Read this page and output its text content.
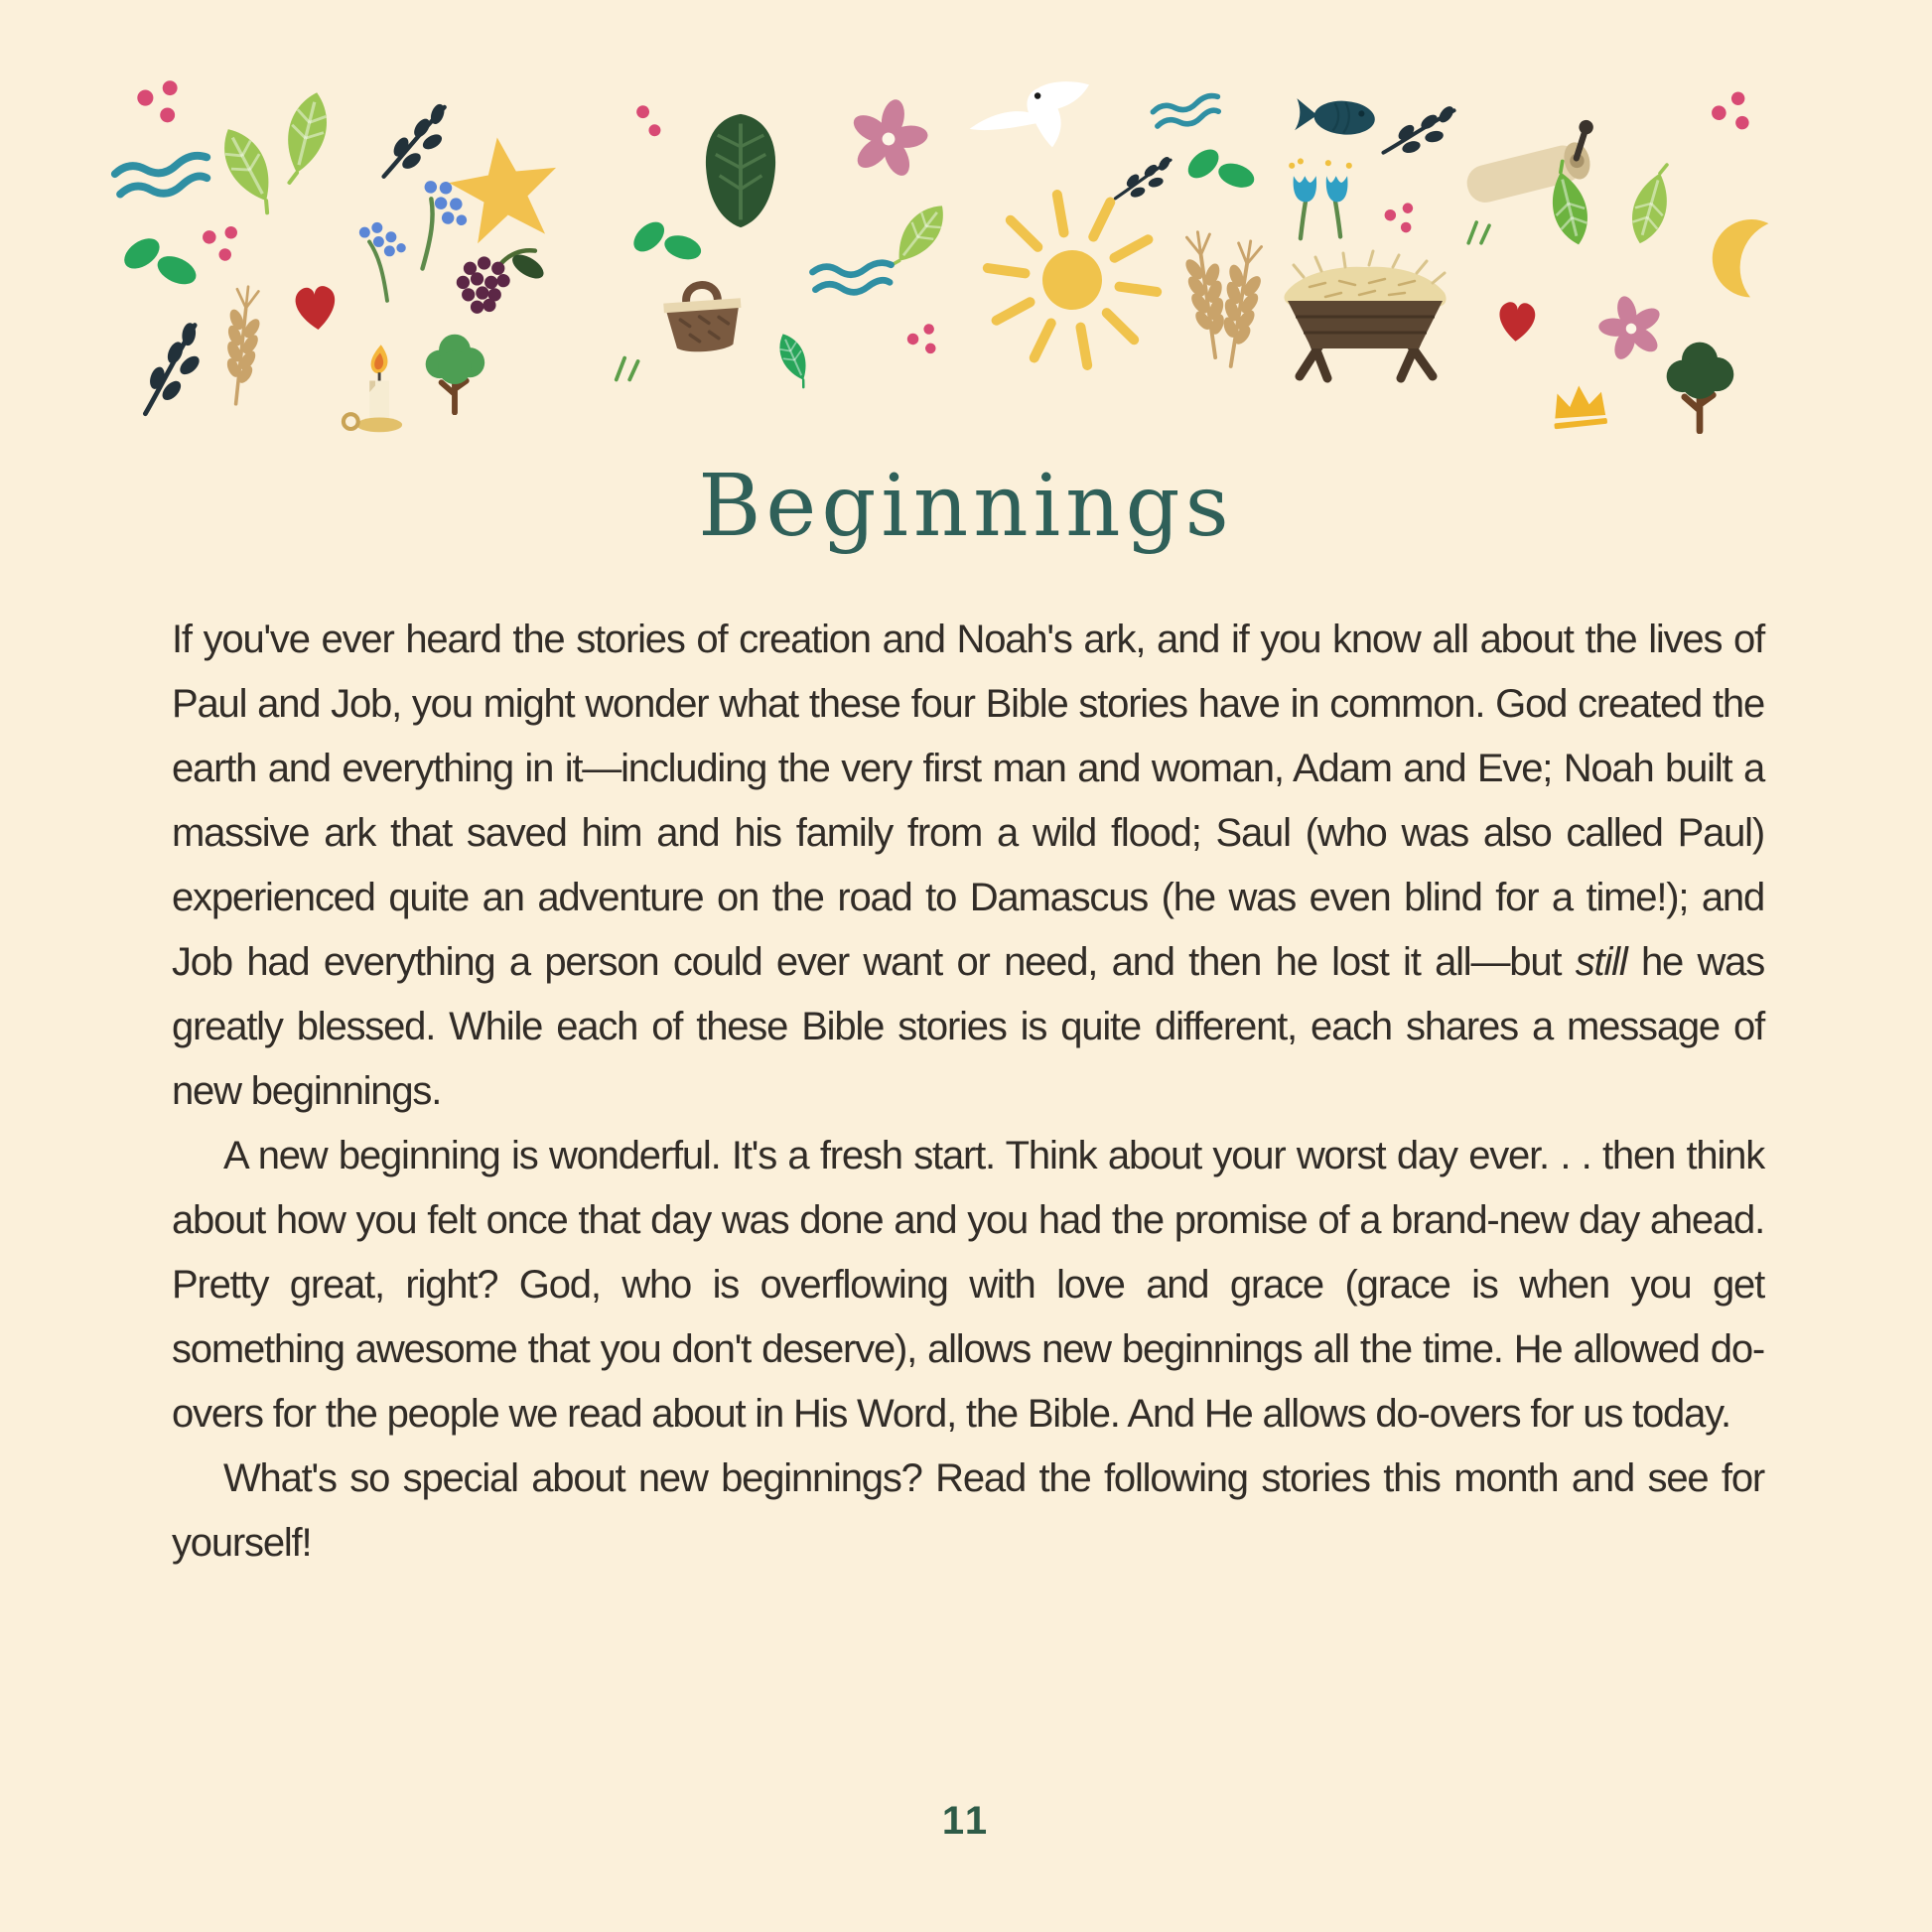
Beginnings

If you've ever heard the stories of creation and Noah's ark, and if you know all about the lives of Paul and Job, you might wonder what these four Bible stories have in common. God created the earth and everything in it—including the very first man and woman, Adam and Eve; Noah built a massive ark that saved him and his family from a wild flood; Saul (who was also called Paul) experienced quite an adventure on the road to Damascus (he was even blind for a time!); and Job had everything a person could ever want or need, and then he lost it all—but still he was greatly blessed. While each of these Bible stories is quite different, each shares a message of new beginnings.

A new beginning is wonderful. It's a fresh start. Think about your worst day ever. . . then think about how you felt once that day was done and you had the promise of a brand-new day ahead. Pretty great, right? God, who is overflowing with love and grace (grace is when you get something awesome that you don't deserve), allows new beginnings all the time. He allowed do-overs for the people we read about in His Word, the Bible. And He allows do-overs for us today.

What's so special about new beginnings? Read the following stories this month and see for yourself!

11
